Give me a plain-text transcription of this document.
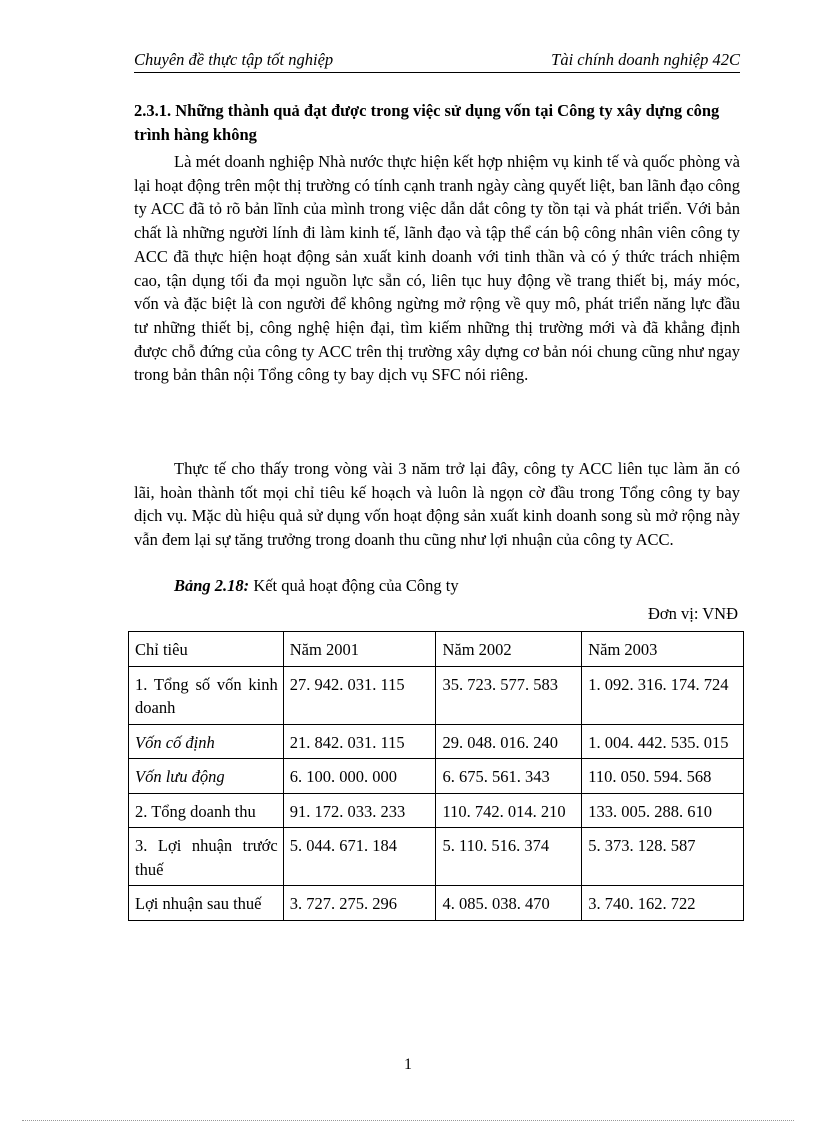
Chuyên đề thực tập tốt nghiệp	Tài chính doanh nghiệp 42C
2.3.1. Những thành quả đạt được trong việc sử dụng vốn tại Công ty xây dựng công trình hàng không

Là mét doanh nghiệp Nhà nước thực hiện kết hợp nhiệm vụ kinh tế và quốc phòng và lại hoạt động trên một thị trường có tính cạnh tranh ngày càng quyết liệt, ban lãnh đạo công ty ACC đã tỏ rõ bản lĩnh của mình trong việc dẫn dắt công ty tồn tại và phát triển. Với bản chất là những người lính đi làm kinh tế, lãnh đạo và tập thể cán bộ công nhân viên công ty ACC đã thực hiện hoạt động sản xuất kinh doanh với tinh thần và có ý thức trách nhiệm cao, tận dụng tối đa mọi nguồn lực sẵn có, liên tục huy động về trang thiết bị, máy móc, vốn và đặc biệt là con người để không ngừng mở rộng về quy mô, phát triển năng lực đầu tư những thiết bị, công nghệ hiện đại, tìm kiếm những thị trường mới và đã khẳng định được chỗ đứng của công ty ACC trên thị trường xây dựng cơ bản nói chung cũng như ngay trong bản thân nội Tổng công ty bay dịch vụ SFC nói riêng.

Thực tế cho thấy trong vòng vài 3 năm trở lại đây, công ty ACC liên tục làm ăn có lãi, hoàn thành tốt mọi chỉ tiêu kế hoạch và luôn là ngọn cờ đầu trong Tổng công ty bay dịch vụ. Mặc dù hiệu quả sử dụng vốn hoạt động sản xuất kinh doanh song sù mở rộng này vẫn đem lại sự tăng trưởng trong doanh thu cũng như lợi nhuận của công ty ACC.

Bảng 2.18: Kết quả hoạt động của Công ty
Đơn vị: VNĐ
Chỉ tiêu	Năm 2001	Năm 2002	Năm 2003
1. Tổng số vốn kinh doanh	27. 942. 031. 115	35. 723. 577. 583	1. 092. 316. 174. 724
Vốn cố định	21. 842. 031. 115	29. 048. 016. 240	1. 004. 442. 535. 015
Vốn lưu động	6. 100. 000. 000	6. 675. 561. 343	110. 050. 594. 568
2. Tổng doanh thu	91. 172. 033. 233	110. 742. 014. 210	133. 005. 288. 610
3. Lợi nhuận trước thuế	5. 044. 671. 184	5. 110. 516. 374	5. 373. 128. 587
Lợi nhuận sau thuế	3. 727. 275. 296	4. 085. 038. 470	3. 740. 162. 722
1
